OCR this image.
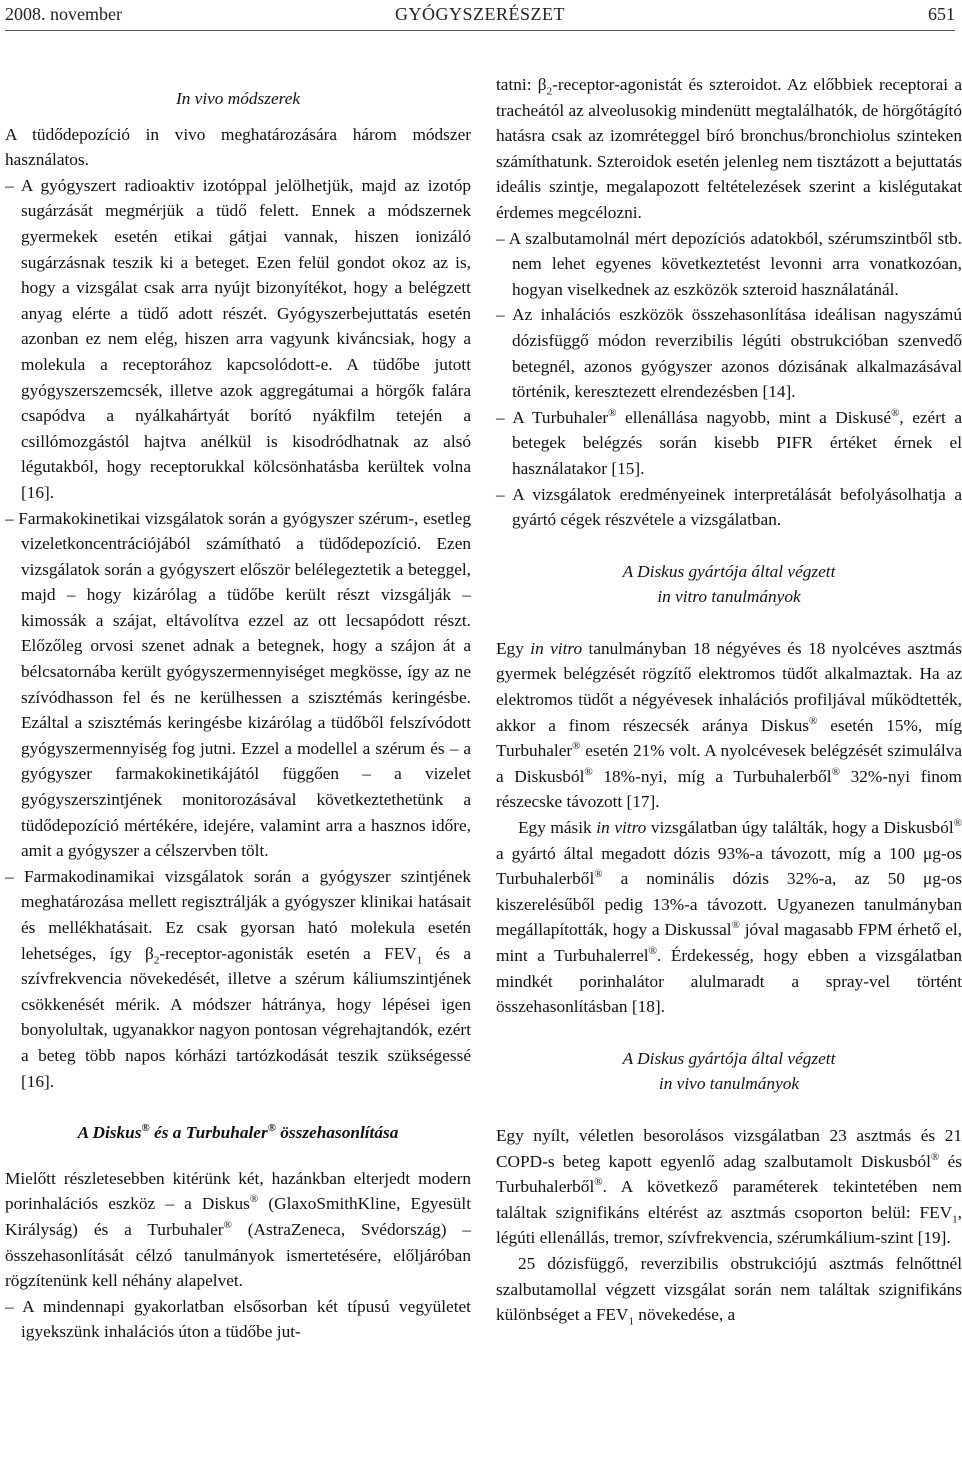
2008. november	GYÓGYSZERÉSZET	651

In vivo módszerek

A tüdődepozíció in vivo meghatározására három módszer használatos.

– A gyógyszert radioaktiv izotóppal jelölhetjük, majd az izotóp sugárzását megmérjük a tüdő felett. Ennek a módszernek gyermekek esetén etikai gátjai vannak, hiszen ionizáló sugárzásnak teszik ki a beteget. Ezen felül gondot okoz az is, hogy a vizsgálat csak arra nyújt bizonyítékot, hogy a belégzett anyag elérte a tüdő adott részét. Gyógyszerbejuttatás esetén azonban ez nem elég, hiszen arra vagyunk kiváncsiak, hogy a molekula a receptorához kapcsolódott-e. A tüdőbe jutott gyógyszerszemcsék, illetve azok aggregátumai a hörgők falára csapódva a nyálkahártyát borító nyákfilm tetején a csillómozgástól hajtva anélkül is kisodródhatnak az alsó légutakból, hogy receptorukkal kölcsönhatásba kerültek volna [16].

– Farmakokinetikai vizsgálatok során a gyógyszer szérum-, esetleg vizeletkoncentrációjából számítható a tüdődepozíció. Ezen vizsgálatok során a gyógyszert először belélegeztetik a beteggel, majd – hogy kizárólag a tüdőbe került részt vizsgálják – kimossák a szájat, eltávolítva ezzel az ott lecsapódott részt. Előzőleg orvosi szenet adnak a betegnek, hogy a szájon át a bélcsatornába került gyógyszermennyiséget megkösse, így az ne szívódhasson fel és ne kerülhessen a szisztémás keringésbe. Ezáltal a szisztémás keringésbe kizárólag a tüdőből felszívódott gyógyszermennyiség fog jutni. Ezzel a modellel a szérum és – a gyógyszer farmakokinetikájától függően – a vizelet gyógyszerszintjének monitorozásával következtethetünk a tüdődepozíció mértékére, idejére, valamint arra a hasznos időre, amit a gyógyszer a célszervben tölt.

– Farmakodinamikai vizsgálatok során a gyógyszer szintjének meghatározása mellett regisztrálják a gyógyszer klinikai hatásait és mellékhatásait. Ez csak gyorsan ható molekula esetén lehetséges, így $\beta_2-receptor$-agonisták esetén a $FEV_1$ és a szívfrekvencia növekedését, illetve a szérum káliumszintjének csökkenését mérik. A módszer hátránya, hogy lépései igen bonyolultak, ugyanakkor nagyon pontosan végrehajtandók, ezért a beteg több napos kórházi tartózkodását teszik szükségessé [16].

A Diskus® és a Turbuhaler® összehasonlítása

Mielőtt részletesebben kitérünk két, hazánkban elterjedt modern porinhalációs eszköz – a Diskus® (GlaxoSmithKline, Egyesült Királyság) és a Turbuhaler® (AstraZeneca, Svédország) – összehasonlítását célzó tanulmányok ismertetésére, előljáróban rögzítenünk kell néhány alapelvet.

– A mindennapi gyakorlatban elsősorban két típusú vegyületet igyekszünk inhalációs úton a tüdőbe jut-

tatni: $\beta_2-receptor$-agonistát és szteroidot. Az előbbiek receptorai a tracheától az alveolusokig mindenütt megtalálhatók, de hörgőtágító hatásra csak az izomréteggel bíró bronchus/bronchiolus szinteken számíthatunk. Szteroidok esetén jelenleg nem tisztázott a bejuttatás ideális szintje, megalapozott feltételezések szerint a kislégutakat érdemes megcélozni.

– A szalbutamolnál mért depozíciós adatokból, szérumszintből stb. nem lehet egyenes következtetést levonni arra vonatkozóan, hogyan viselkednek az eszközök szteroid használatánál.

– Az inhalációs eszközök összehasonlítása ideálisan nagyszámú dózisfüggő módon reverzibilis légúti obstrukcióban szenvedő betegnél, azonos gyógyszer azonos dózisának alkalmazásával történik, keresztezett elrendezésben [14].

– A Turbuhaler® ellenállása nagyobb, mint a Diskusé®, ezért a betegek belégzés során kisebb PIFR értéket érnek el használatakor [15].

– A vizsgálatok eredményeinek interpretálását befolyásolhatja a gyártó cégek részvétele a vizsgálatban.

A Diskus gyártója által végzett
in vitro tanulmányok

Egy in vitro tanulmányban 18 négyéves és 18 nyolcéves asztmás gyermek belégzését rögzítő elektromos tüdőt alkalmaztak. Ha az elektromos tüdőt a négyévesek inhalációs profiljával működtették, akkor a finom részecsék aránya Diskus® esetén 15%, míg Turbuhaler® esetén 21% volt. A nyolcévesek belégzését szimulálva a Diskusból® 18%-nyi, míg a Turbuhalerből® 32%-nyi finom részecske távozott [17].

Egy másik in vitro vizsgálatban úgy találták, hogy a Diskusból® a gyártó által megadott dózis 93%-a távozott, míg a 100 μg-os Turbuhalerből® a nominális dózis 32%-a, az 50 μg-os kiszerelésűből pedig 13%-a távozott. Ugyanezen tanulmányban megállapították, hogy a Diskussal® jóval magasabb FPM érhető el, mint a Turbuhalerrel®. Érdekesség, hogy ebben a vizsgálatban mindkét porinhalátor alulmaradt a spray-vel történt összehasonlításban [18].

A Diskus gyártója által végzett
in vivo tanulmányok

Egy nyílt, véletlen besorolásos vizsgálatban 23 asztmás és 21 COPD-s beteg kapott egyenlő adag szalbutamolt Diskusból® és Turbuhalerből®. A következő paraméterek tekintetében nem találtak szignifikáns eltérést az asztmás csoporton belül: $FEV_1$, légúti ellenállás, tremor, szívfrekvencia, szérumkálium-szint [19].

25 dózisfüggő, reverzibilis obstrukciójú asztmás felnőttnél szalbutamollal végzett vizsgálat során nem találtak szignifikáns különbséget a $FEV_1$ növekedése, a
